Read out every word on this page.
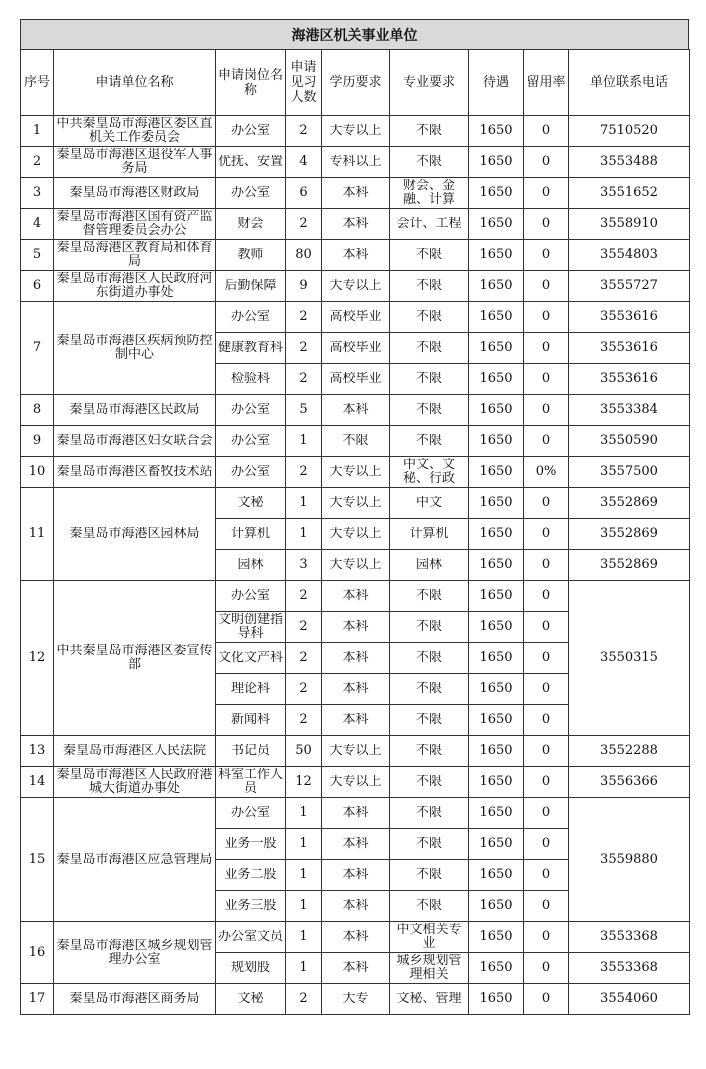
海港区机关事业单位
序号	申请单位名称	申请岗位名称	申请见习人数	学历要求	专业要求	待遇	留用率	单位联系电话

1	中共秦皇岛市海港区委区直机关工作委员会	办公室	2	大专以上	不限	1650	0	7510520

2	秦皇岛市海港区退役军人事务局	优抚、安置	4	专科以上	不限	1650	0	3553488

3	秦皇岛市海港区财政局	办公室	6	本科	财会、金融、计算	1650	0	3551652

4	秦皇岛市海港区国有资产监督管理委员会办公	财会	2	本科	会计、工程	1650	0	3558910

5	秦皇岛海港区教育局和体育局	教师	80	本科	不限	1650	0	3554803

6	秦皇岛市海港区人民政府河东街道办事处	后勤保障	9	大专以上	不限	1650	0	3555727

7	秦皇岛市海港区疾病预防控制中心	办公室	2	高校毕业	不限	1650	0	3553616

		健康教育科	2	高校毕业	不限	1650	0	3553616

		检验科	2	高校毕业	不限	1650	0	3553616

8	秦皇岛市海港区民政局	办公室	5	本科	不限	1650	0	3553384

9	秦皇岛市海港区妇女联合会	办公室	1	不限	不限	1650	0	3550590

10	秦皇岛市海港区畜牧技术站	办公室	2	大专以上	中文、文秘、行政	1650	0%	3557500

11	秦皇岛市海港区园林局	文秘	1	大专以上	中文	1650	0	3552869

		计算机	1	大专以上	计算机	1650	0	3552869

		园林	3	大专以上	园林	1650	0	3552869

12	中共秦皇岛市海港区委宣传部	办公室	2	本科	不限	1650	0	3550315

		文明创建指导科	2	本科	不限	1650	0	

		文化文产科	2	本科	不限	1650	0	

		理论科	2	本科	不限	1650	0	

		新闻科	2	本科	不限	1650	0	

13	秦皇岛市海港区人民法院	书记员	50	大专以上	不限	1650	0	3552288

14	秦皇岛市海港区人民政府港城大街道办事处	科室工作人员	12	大专以上	不限	1650	0	3556366

15	秦皇岛市海港区应急管理局	办公室	1	本科	不限	1650	0	3559880

		业务一股	1	本科	不限	1650	0	

		业务二股	1	本科	不限	1650	0	

		业务三股	1	本科	不限	1650	0	

16	秦皇岛市海港区城乡规划管理办公室	办公室文员	1	本科	中文相关专业	1650	0	3553368

		规划股	1	本科	城乡规划管理相关	1650	0	3553368

17	秦皇岛市海港区商务局	文秘	2	大专	文秘、管理	1650	0	3554060
